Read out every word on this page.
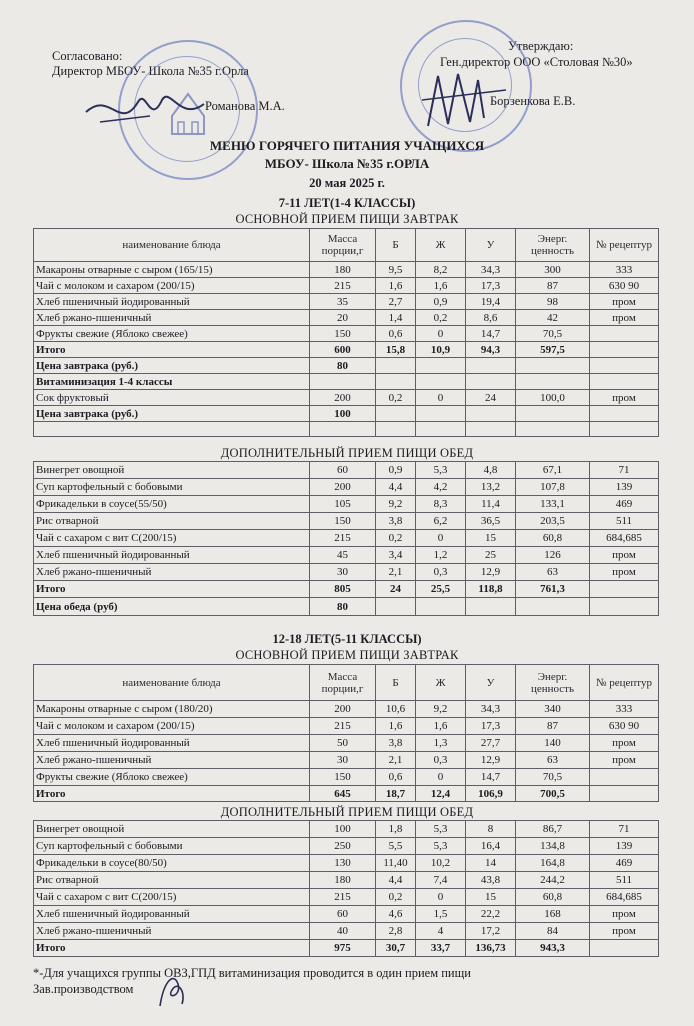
Согласовано:
Директор МБОУ- Школа №35 г.Орла
Романова М.А.
Утверждаю:
Ген.директор ООО «Столовая №30»
Борзенкова Е.В.
МЕНЮ ГОРЯЧЕГО ПИТАНИЯ УЧАЩИХСЯ
МБОУ- Школа №35 г.ОРЛА
20 мая 2025 г.
7-11 ЛЕТ(1-4 КЛАССЫ)
ОСНОВНОЙ ПРИЕМ ПИЩИ ЗАВТРАК
наименование блюда	Масса порции,г	Б	Ж	У	Энерг. ценность	№ рецептур
Макароны отварные с сыром (165/15)	180	9,5	8,2	34,3	300	333
Чай с молоком и сахаром (200/15)	215	1,6	1,6	17,3	87	630 90
Хлеб пшеничный йодированный	35	2,7	0,9	19,4	98	пром
Хлеб ржано-пшеничный	20	1,4	0,2	8,6	42	пром
Фрукты свежие (Яблоко свежее)	150	0,6	0	14,7	70,5	
Итого	600	15,8	10,9	94,3	597,5	
Цена завтрака (руб.)	80					
Витаминизация 1-4 классы						
Сок фруктовый	200	0,2	0	24	100,0	пром
Цена завтрака (руб.)	100					

ДОПОЛНИТЕЛЬНЫЙ ПРИЕМ ПИЩИ ОБЕД
Винегрет овощной	60	0,9	5,3	4,8	67,1	71
Суп картофельный с бобовыми	200	4,4	4,2	13,2	107,8	139
Фрикадельки в соусе(55/50)	105	9,2	8,3	11,4	133,1	469
Рис отварной	150	3,8	6,2	36,5	203,5	511
Чай с сахаром с вит С(200/15)	215	0,2	0	15	60,8	684,685
Хлеб пшеничный йодированный	45	3,4	1,2	25	126	пром
Хлеб ржано-пшеничный	30	2,1	0,3	12,9	63	пром
Итого	805	24	25,5	118,8	761,3	
Цена обеда (руб)	80					
12-18 ЛЕТ(5-11 КЛАССЫ)
ОСНОВНОЙ ПРИЕМ ПИЩИ ЗАВТРАК
наименование блюда	Масса порции,г	Б	Ж	У	Энерг. ценность	№ рецептур
Макароны отварные с сыром (180/20)	200	10,6	9,2	34,3	340	333
Чай с молоком и сахаром (200/15)	215	1,6	1,6	17,3	87	630 90
Хлеб пшеничный йодированный	50	3,8	1,3	27,7	140	пром
Хлеб ржано-пшеничный	30	2,1	0,3	12,9	63	пром
Фрукты свежие (Яблоко свежее)	150	0,6	0	14,7	70,5	
Итого	645	18,7	12,4	106,9	700,5	
ДОПОЛНИТЕЛЬНЫЙ ПРИЕМ ПИЩИ ОБЕД
Винегрет овощной	100	1,8	5,3	8	86,7	71
Суп картофельный с бобовыми	250	5,5	5,3	16,4	134,8	139
Фрикадельки в соусе(80/50)	130	11,40	10,2	14	164,8	469
Рис отварной	180	4,4	7,4	43,8	244,2	511
Чай с сахаром с вит С(200/15)	215	0,2	0	15	60,8	684,685
Хлеб пшеничный йодированный	60	4,6	1,5	22,2	168	пром
Хлеб ржано-пшеничный	40	2,8	4	17,2	84	пром
Итого	975	30,7	33,7	136,73	943,3	
*-Для учащихся группы ОВЗ,ГПД витаминизация проводится в один прием пищи
Зав.производством
